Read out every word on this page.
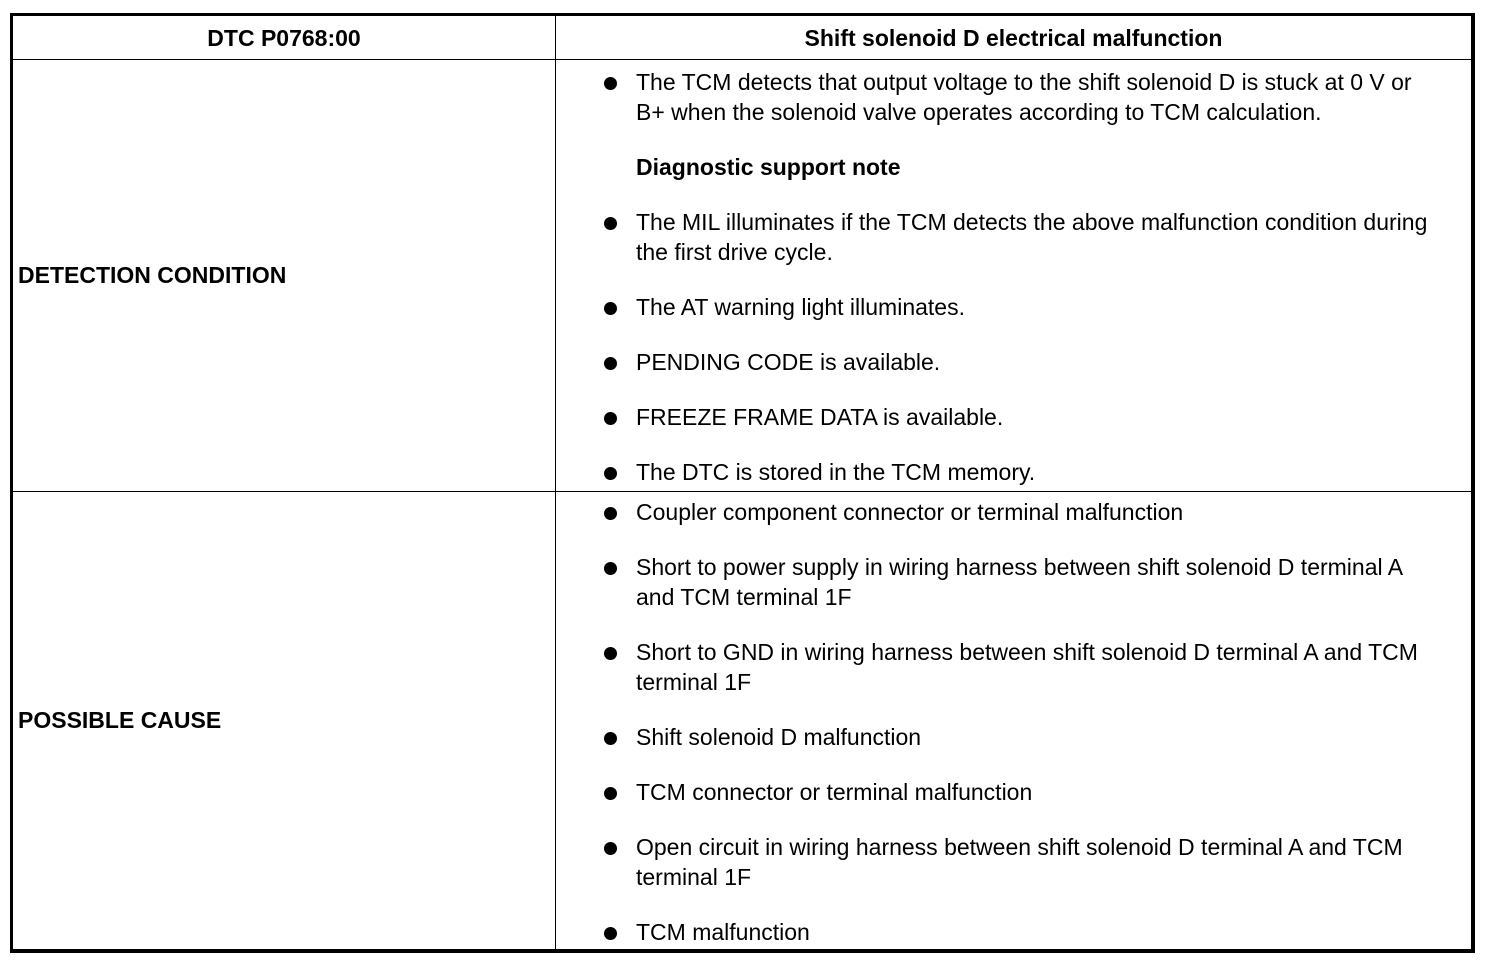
DTC P0768:00	Shift solenoid D electrical malfunction
DETECTION CONDITION
The TCM detects that output voltage to the shift solenoid D is stuck at 0 V or B+ when the solenoid valve operates according to TCM calculation.
Diagnostic support note
The MIL illuminates if the TCM detects the above malfunction condition during the first drive cycle.
The AT warning light illuminates.
PENDING CODE is available.
FREEZE FRAME DATA is available.
The DTC is stored in the TCM memory.
POSSIBLE CAUSE
Coupler component connector or terminal malfunction
Short to power supply in wiring harness between shift solenoid D terminal A and TCM terminal 1F
Short to GND in wiring harness between shift solenoid D terminal A and TCM terminal 1F
Shift solenoid D malfunction
TCM connector or terminal malfunction
Open circuit in wiring harness between shift solenoid D terminal A and TCM terminal 1F
TCM malfunction
